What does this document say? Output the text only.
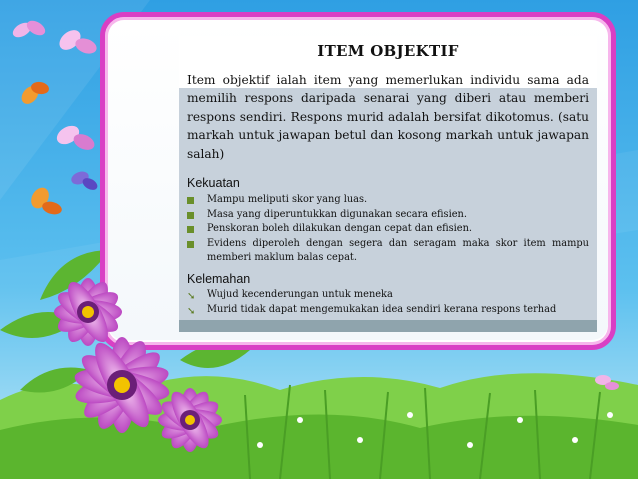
ITEM OBJEKTIF
Item objektif ialah item yang memerlukan individu sama ada memilih respons daripada senarai yang diberi atau memberi respons sendiri. Respons murid adalah bersifat dikotomus. (satu markah untuk jawapan betul dan kosong markah untuk jawapan salah)
Kekuatan
Mampu meliputi skor yang luas.
Masa yang diperuntukkan digunakan secara efisien.
Penskoran boleh dilakukan dengan cepat dan efisien.
Evidens diperoleh dengan segera dan seragam maka skor item mampu memberi maklum balas cepat.
Kelemahan
➘ Wujud kecenderungan untuk meneka
➘ Murid tidak dapat mengemukakan idea sendiri kerana respons terhad
